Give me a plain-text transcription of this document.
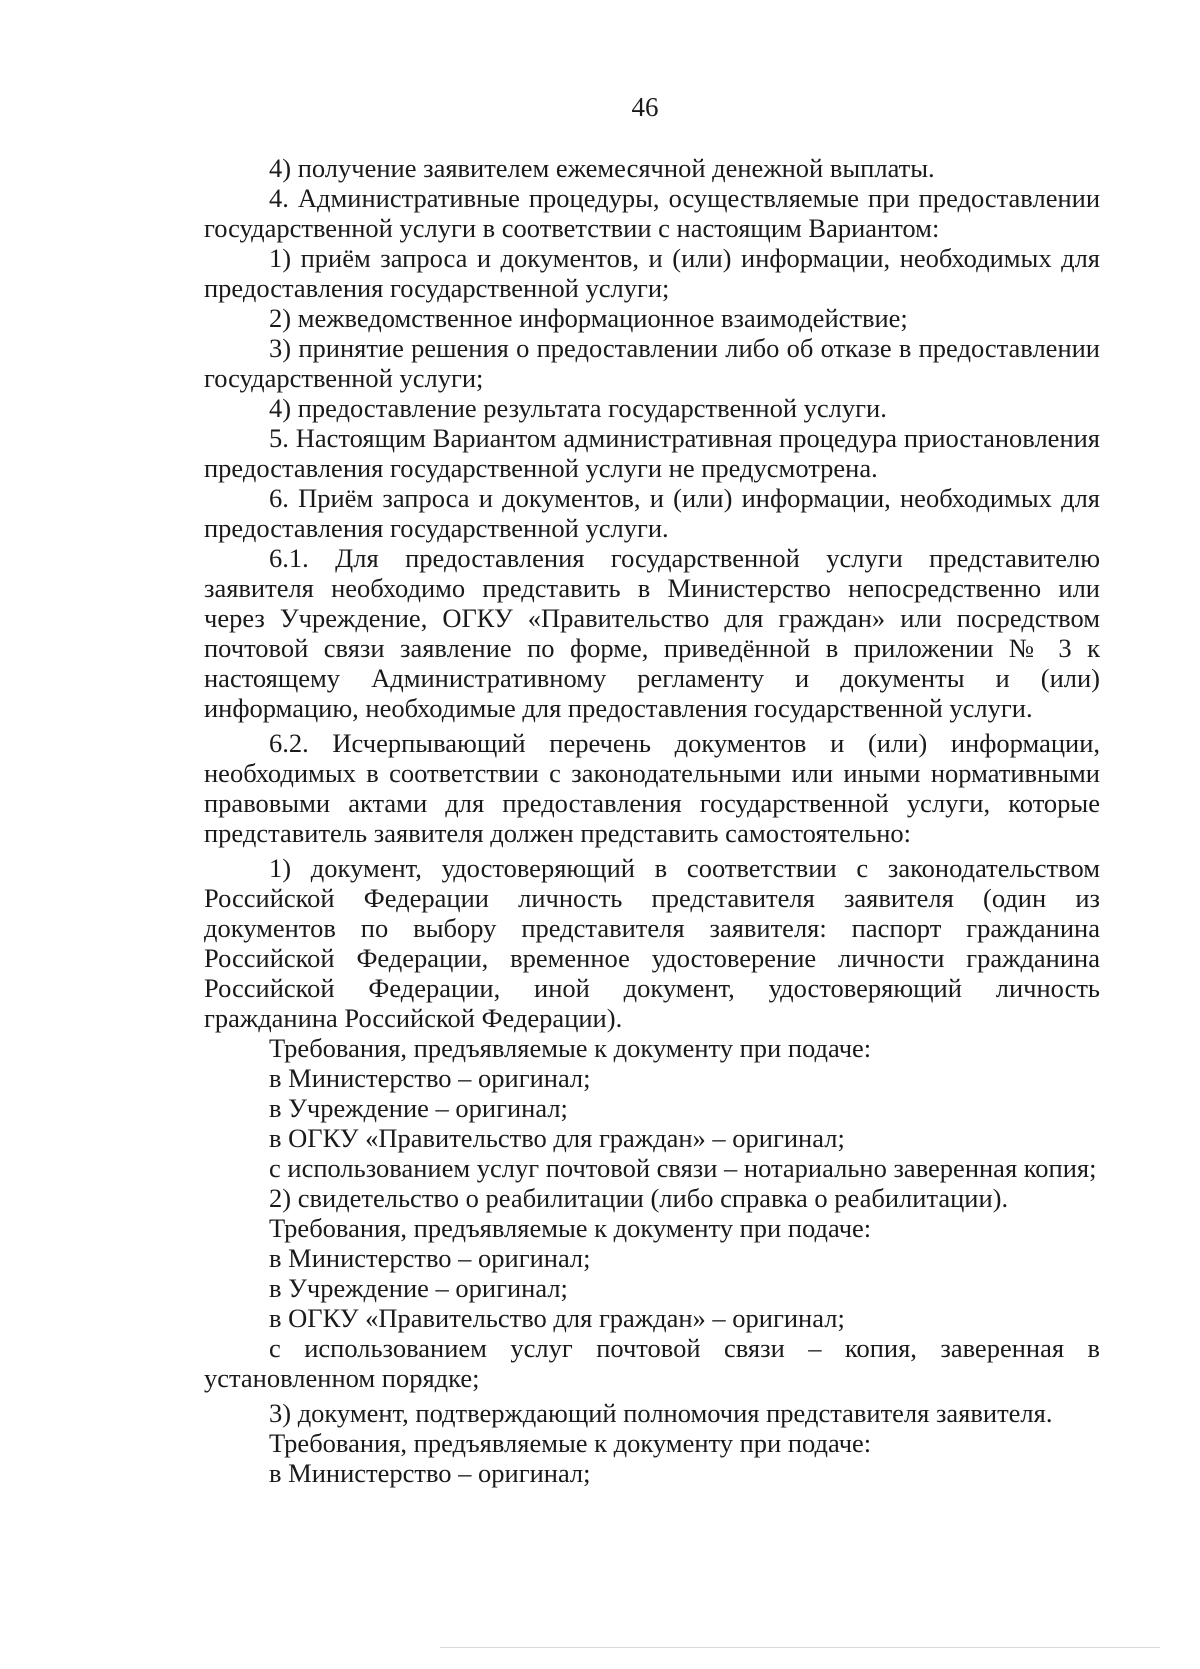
46

4) получение заявителем ежемесячной денежной выплаты.

4. Административные процедуры, осуществляемые при предоставлении государственной услуги в соответствии с настоящим Вариантом:

1) приём запроса и документов, и (или) информации, необходимых для предоставления государственной услуги;

2) межведомственное информационное взаимодействие;

3) принятие решения о предоставлении либо об отказе в предоставлении государственной услуги;

4) предоставление результата государственной услуги.

5. Настоящим Вариантом административная процедура приостановления предоставления государственной услуги не предусмотрена.

6. Приём запроса и документов, и (или) информации, необходимых для предоставления государственной услуги.

6.1. Для предоставления государственной услуги представителю заявителя необходимо представить в Министерство непосредственно или через Учреждение, ОГКУ «Правительство для граждан» или посредством почтовой связи заявление по форме, приведённой в приложении № 3 к настоящему Административному регламенту и документы и (или) информацию, необходимые для предоставления государственной услуги.

6.2. Исчерпывающий перечень документов и (или) информации, необходимых в соответствии с законодательными или иными нормативными правовыми актами для предоставления государственной услуги, которые представитель заявителя должен представить самостоятельно:

1) документ, удостоверяющий в соответствии с законодательством Российской Федерации личность представителя заявителя (один из документов по выбору представителя заявителя: паспорт гражданина Российской Федерации, временное удостоверение личности гражданина Российской Федерации, иной документ, удостоверяющий личность гражданина Российской Федерации).

Требования, предъявляемые к документу при подаче:

в Министерство – оригинал;

в Учреждение – оригинал;

в ОГКУ «Правительство для граждан» – оригинал;

с использованием услуг почтовой связи – нотариально заверенная копия;

2) свидетельство о реабилитации (либо справка о реабилитации).

Требования, предъявляемые к документу при подаче:

в Министерство – оригинал;

в Учреждение – оригинал;

в ОГКУ «Правительство для граждан» – оригинал;

с использованием услуг почтовой связи – копия, заверенная в установленном порядке;

3) документ, подтверждающий полномочия представителя заявителя.

Требования, предъявляемые к документу при подаче:

в Министерство – оригинал;
